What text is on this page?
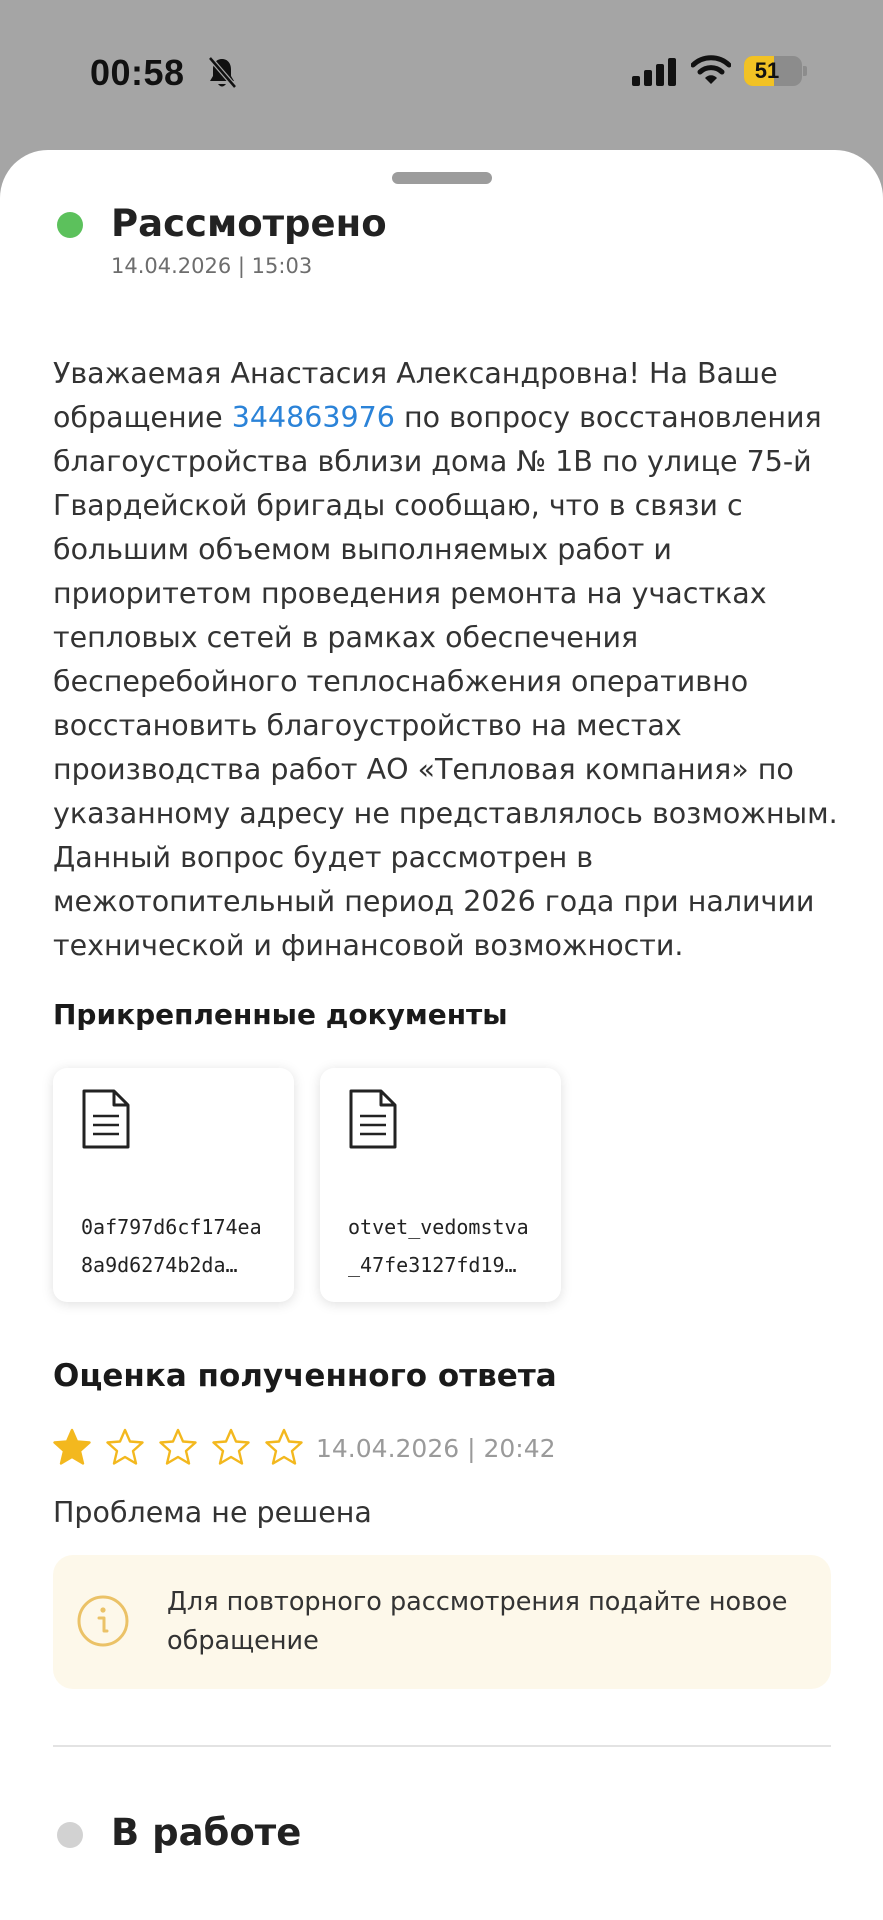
00:58	51
Рассмотрено
14.04.2026 | 15:03
Уважаемая Анастасия Александровна! На Ваше обращение 344863976 по вопросу восстановления благоустройства вблизи дома № 1В по улице 75-й Гвардейской бригады сообщаю, что в связи с большим объемом выполняемых работ и приоритетом проведения ремонта на участках тепловых сетей в рамках обеспечения бесперебойного теплоснабжения оперативно восстановить благоустройство на местах производства работ АО «Тепловая компания» по указанному адресу не представлялось возможным. Данный вопрос будет рассмотрен в межотопительный период 2026 года при наличии технической и финансовой возможности.
Прикрепленные документы
0af797d6cf174ea
8a9d6274b2da…
otvet_vedomstva
_47fe3127fd19…
Оценка полученного ответа
14.04.2026 | 20:42
Проблема не решена
Для повторного рассмотрения подайте новое обращение
В работе
